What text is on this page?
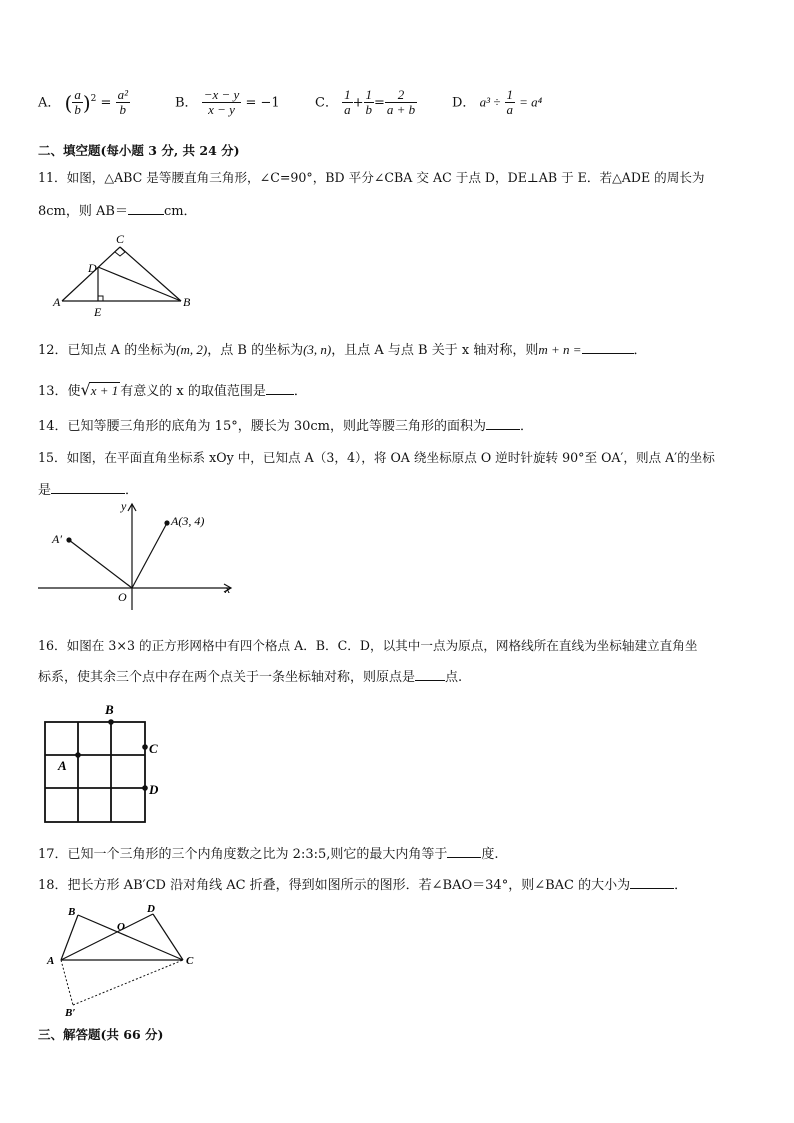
A． ( $\frac{a}{b} )^2 = \frac{\text{a²}}{b}$	B． $\frac{-x - y}{x - y} = -1$	C． $\frac{1}{a} + \frac{1}{b} = \frac{2}{a + b}$	D． $a^3 \div \frac{1}{a} = a^4$
二、填空题(每小题 3 分, 共 24 分)
11．如图，△ABC 是等腰直角三角形，∠C=90°，BD 平分∠CBA 交 AC 于点 D，DE⊥AB 于 E．若△ADE 的周长为
8cm，则 AB＝	cm．
C
D
A
E
B
12．已知点 A 的坐标为(m, 2)，点 B 的坐标为(3, n)，且点 A 与点 B 关于 x 轴对称，则m + n =	．
13．使√x + 1 有意义的 x 的取值范围是 ．
14．已知等腰三角形的底角为 15°，腰长为 30cm，则此等腰三角形的面积为	．
15．如图，在平面直角坐标系 xOy 中，已知点 A（3，4），将 OA 绕坐标原点 O 逆时针旋转 90°至 OA′，则点 A′的坐标
是	．
y
x
O
A(3, 4)
A′
16．如图在 3×3 的正方形网格中有四个格点 A．B．C．D，以其中一点为原点，网格线所在直线为坐标轴建立直角坐
标系，使其余三个点中存在两个点关于一条坐标轴对称，则原点是 点.
A
B
C
D
17．已知一个三角形的三个内角度数之比为 2:3:5,则它的最大内角等于	度.
18．把长方形 AB′CD 沿对角线 AC 折叠，得到如图所示的图形．若∠BAO＝34°，则∠BAC 的大小为	．
B
O
D
A	C
B′
三、解答题(共 66 分)
